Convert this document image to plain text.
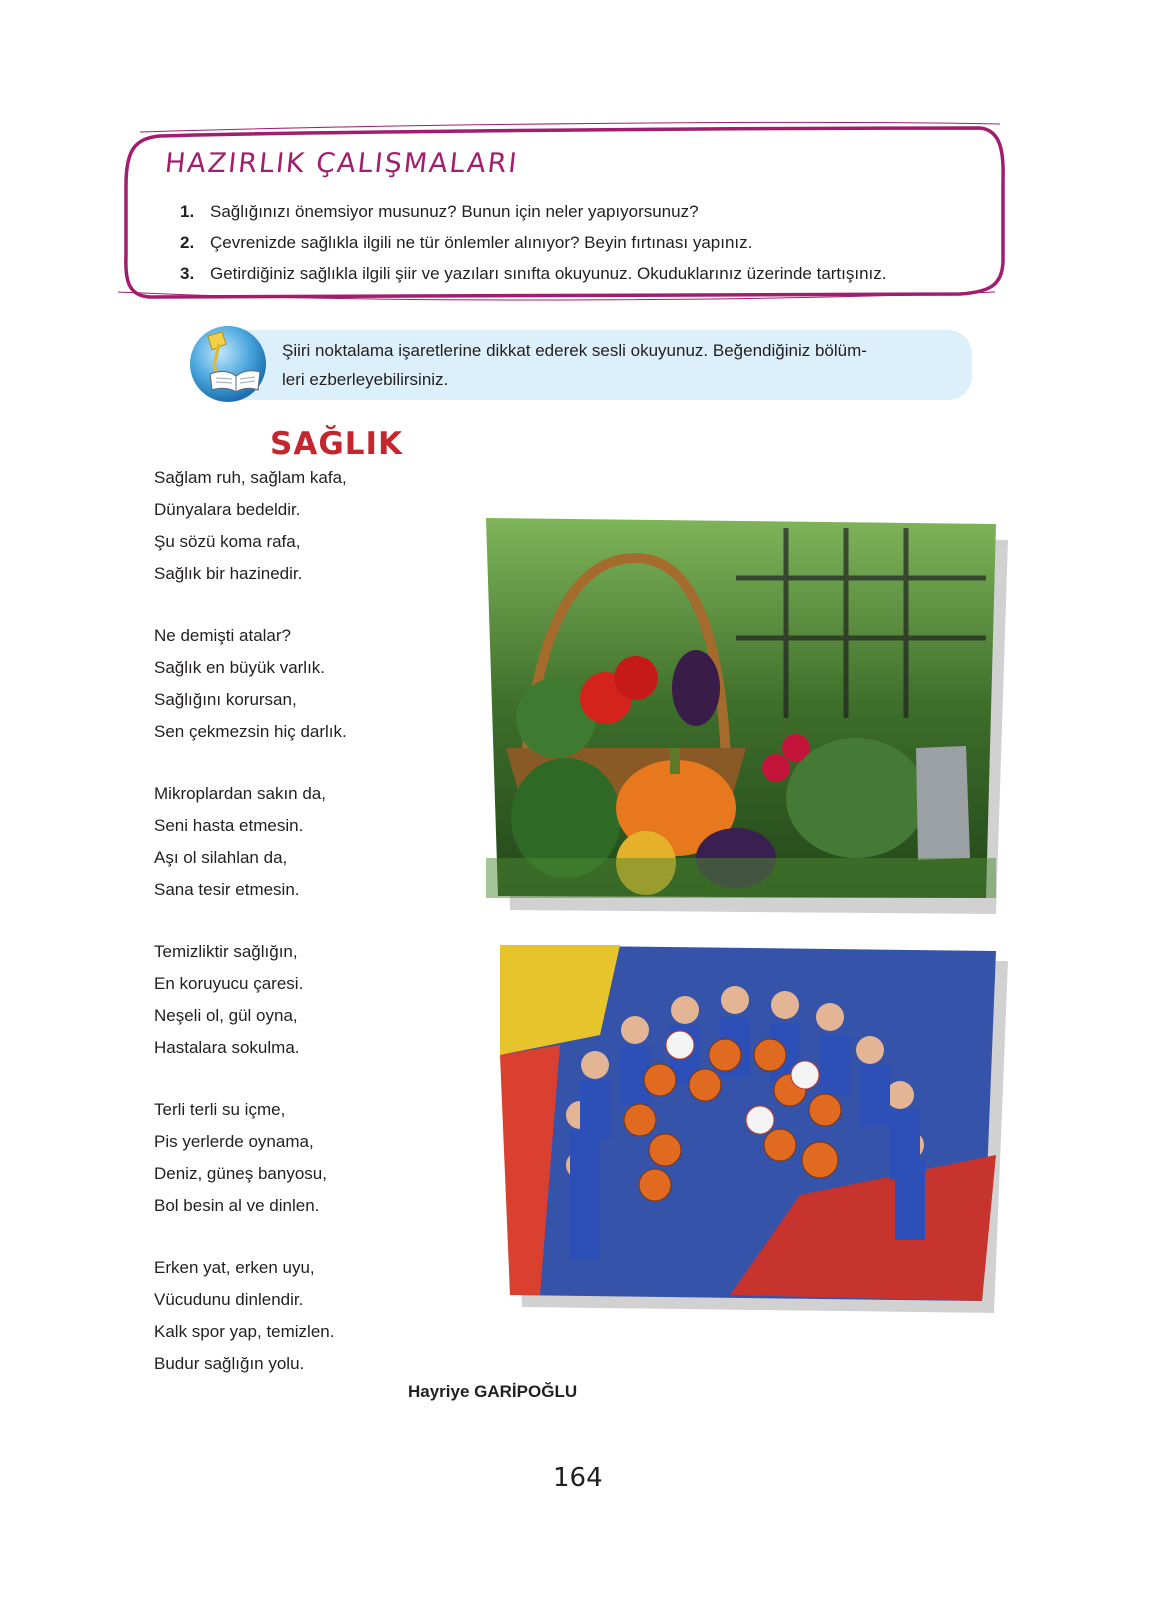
HAZIRLIK ÇALIŞMALARI
1. Sağlığınızı önemsiyor musunuz? Bunun için neler yapıyorsunuz?
2. Çevrenizde sağlıkla ilgili ne tür önlemler alınıyor? Beyin fırtınası yapınız.
3. Getirdiğiniz sağlıkla ilgili şiir ve yazıları sınıfta okuyunuz. Okuduklarınız üzerinde tartışınız.
Şiiri noktalama işaretlerine dikkat ederek sesli okuyunuz. Beğendiğiniz bölüm-
leri ezberleyebilirsiniz.
SAĞLIK
Sağlam ruh, sağlam kafa,
Dünyalara bedeldir.
Şu sözü koma rafa,
Sağlık bir hazinedir.
Ne demişti atalar?
Sağlık en büyük varlık.
Sağlığını korursan,
Sen çekmezsin hiç darlık.
Mikroplardan sakın da,
Seni hasta etmesin.
Aşı ol silahlan da,
Sana tesir etmesin.
Temizliktir sağlığın,
En koruyucu çaresi.
Neşeli ol, gül oyna,
Hastalara sokulma.
Terli terli su içme,
Pis yerlerde oynama,
Deniz, güneş banyosu,
Bol besin al ve dinlen.
Erken yat, erken uyu,
Vücudunu dinlendir.
Kalk spor yap, temizlen.
Budur sağlığın yolu.
Hayriye GARİPOĞLU
164
